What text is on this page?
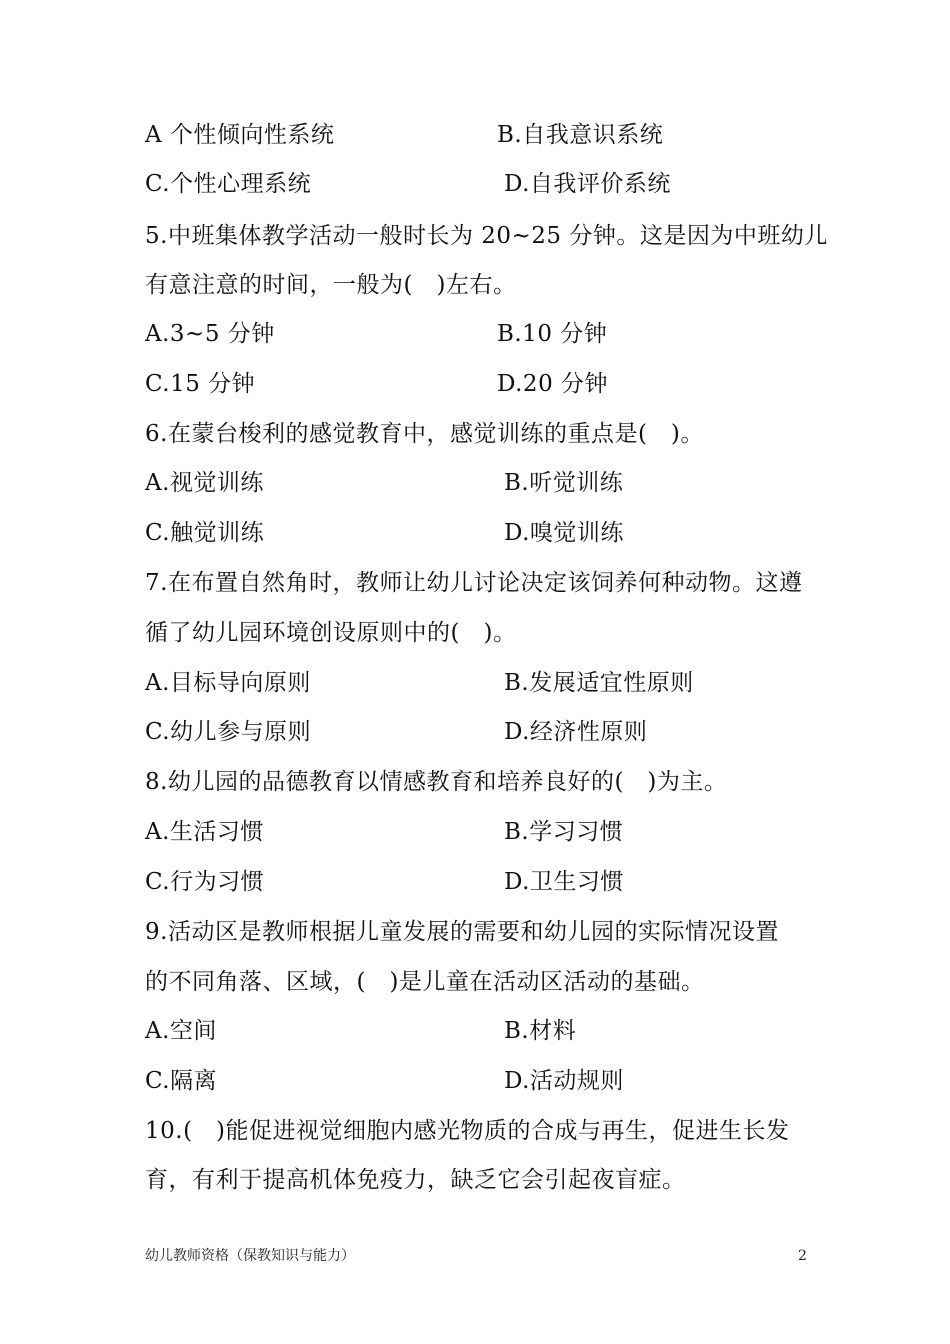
A 个性倾向性系统	B.自我意识系统
C.个性心理系统	D.自我评价系统
5.中班集体教学活动一般时长为 20~25 分钟。这是因为中班幼儿
有意注意的时间，一般为(　)左右。
A.3~5 分钟	B.10 分钟
C.15 分钟	D.20 分钟
6.在蒙台梭利的感觉教育中，感觉训练的重点是(　)。
A.视觉训练	B.听觉训练
C.触觉训练	D.嗅觉训练
7.在布置自然角时，教师让幼儿讨论决定该饲养何种动物。这遵
循了幼儿园环境创设原则中的(　)。
A.目标导向原则	B.发展适宜性原则
C.幼儿参与原则	D.经济性原则
8.幼儿园的品德教育以情感教育和培养良好的(　)为主。
A.生活习惯	B.学习习惯
C.行为习惯	D.卫生习惯
9.活动区是教师根据儿童发展的需要和幼儿园的实际情况设置
的不同角落、区域，(　)是儿童在活动区活动的基础。
A.空间	B.材料
C.隔离	D.活动规则
10.(　)能促进视觉细胞内感光物质的合成与再生，促进生长发
育，有利于提高机体免疫力，缺乏它会引起夜盲症。
幼儿教师资格（保教知识与能力）	2
